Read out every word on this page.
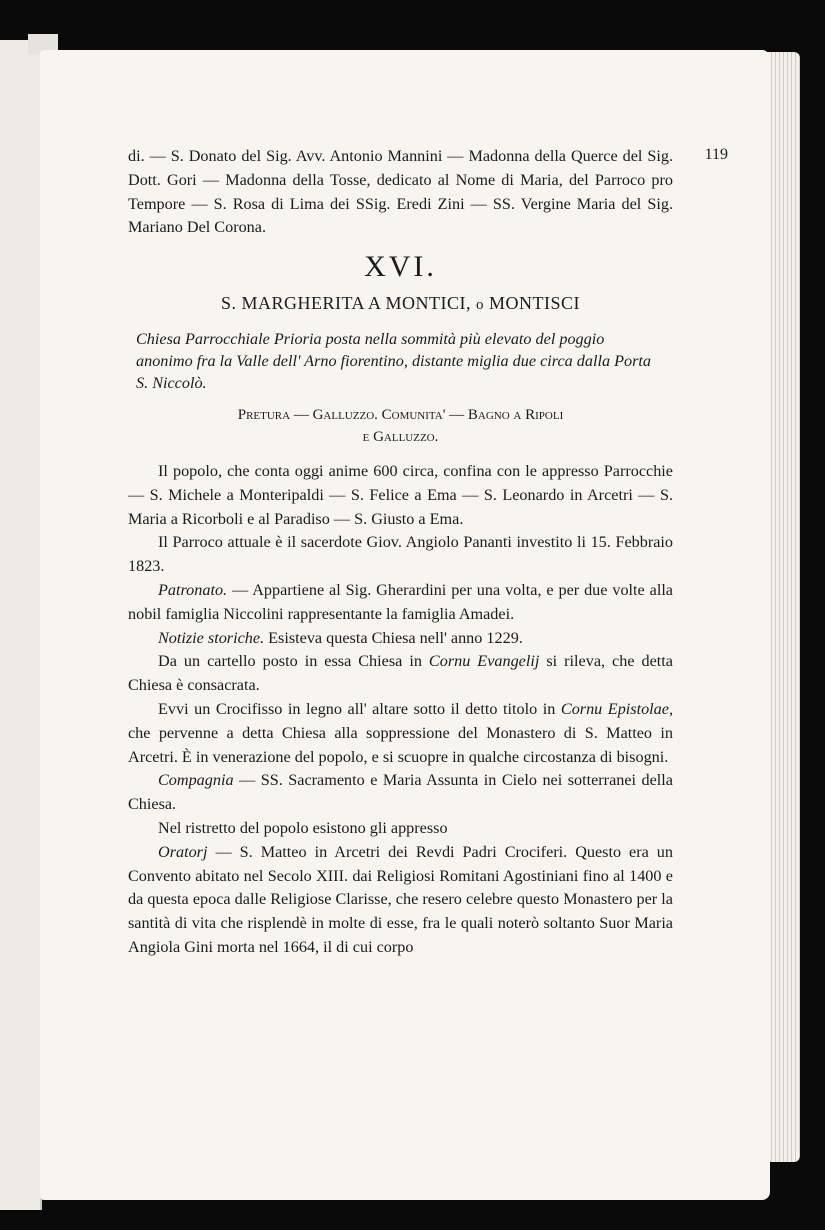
119

di. — S. Donato del Sig. Avv. Antonio Mannini — Madonna della Querce del Sig. Dott. Gori — Madonna della Tosse, dedicato al Nome di Maria, del Parroco pro Tempore — S. Rosa di Lima dei SSig. Eredi Zini — SS. Vergine Maria del Sig. Mariano Del Corona.

XVI.
S. MARGHERITA A MONTICI, o MONTISCI

Chiesa Parrocchiale Prioria posta nella sommità più elevato del poggio anonimo fra la Valle dell' Arno fiorentino, distante miglia due circa dalla Porta S. Niccolò.

Pretura — Galluzzo. Comunita' — Bagno a Ripoli
e Galluzzo.

Il popolo, che conta oggi anime 600 circa, confina con le appresso Parrocchie — S. Michele a Monteripaldi — S. Felice a Ema — S. Leonardo in Arcetri — S. Maria a Ricorboli e al Paradiso — S. Giusto a Ema.

Il Parroco attuale è il sacerdote Giov. Angiolo Pananti investito li 15. Febbraio 1823.

Patronato. — Appartiene al Sig. Gherardini per una volta, e per due volte alla nobil famiglia Niccolini rappresentante la famiglia Amadei.

Notizie storiche. Esisteva questa Chiesa nell' anno 1229.

Da un cartello posto in essa Chiesa in Cornu Evangelij si rileva, che detta Chiesa è consacrata.

Evvi un Crocifisso in legno all' altare sotto il detto titolo in Cornu Epistolae, che pervenne a detta Chiesa alla soppressione del Monastero di S. Matteo in Arcetri. È in venerazione del popolo, e si scuopre in qualche circostanza di bisogni.

Compagnia — SS. Sacramento e Maria Assunta in Cielo nei sotterranei della Chiesa.

Nel ristretto del popolo esistono gli appresso

Oratorj — S. Matteo in Arcetri dei Revdi Padri Crociferi. Questo era un Convento abitato nel Secolo XIII. dai Religiosi Romitani Agostiniani fino al 1400 e da questa epoca dalle Religiose Clarisse, che resero celebre questo Monastero per la santità di vita che risplendè in molte di esse, fra le quali noterò soltanto Suor Maria Angiola Gini morta nel 1664, il di cui corpo
